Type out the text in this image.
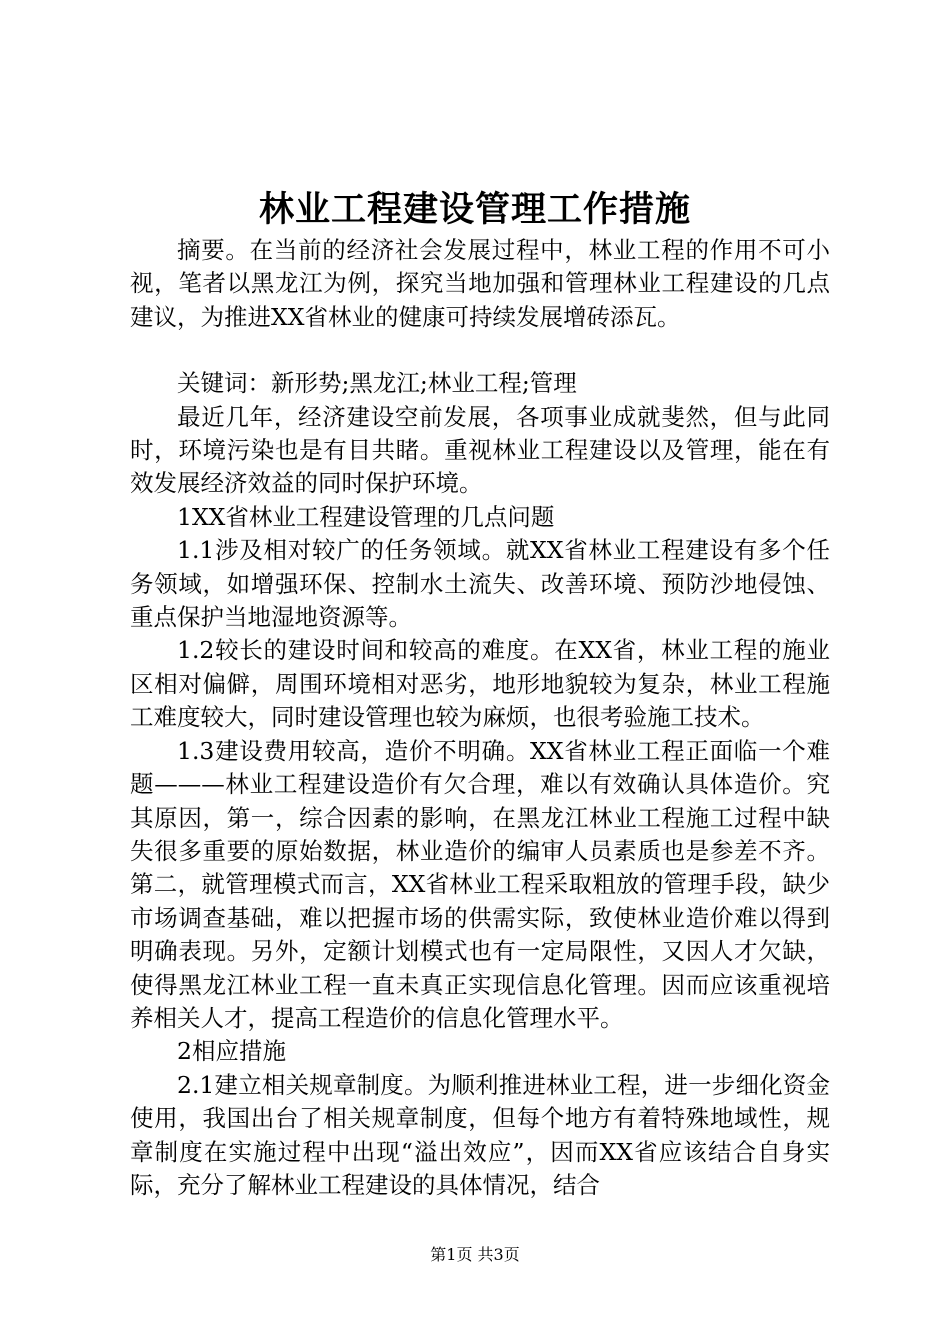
林业工程建设管理工作措施

摘要。在当前的经济社会发展过程中，林业工程的作用不可小视，笔者以黑龙江为例，探究当地加强和管理林业工程建设的几点建议，为推进XX省林业的健康可持续发展增砖添瓦。

关键词：新形势;黑龙江;林业工程;管理

最近几年，经济建设空前发展，各项事业成就斐然，但与此同时，环境污染也是有目共睹。重视林业工程建设以及管理，能在有效发展经济效益的同时保护环境。

1XX省林业工程建设管理的几点问题

1.1涉及相对较广的任务领域。就XX省林业工程建设有多个任务领域，如增强环保、控制水土流失、改善环境、预防沙地侵蚀、重点保护当地湿地资源等。

1.2较长的建设时间和较高的难度。在XX省，林业工程的施业区相对偏僻，周围环境相对恶劣，地形地貌较为复杂，林业工程施工难度较大，同时建设管理也较为麻烦，也很考验施工技术。

1.3建设费用较高，造价不明确。XX省林业工程正面临一个难题———林业工程建设造价有欠合理，难以有效确认具体造价。究其原因，第一，综合因素的影响，在黑龙江林业工程施工过程中缺失很多重要的原始数据，林业造价的编审人员素质也是参差不齐。第二，就管理模式而言，XX省林业工程采取粗放的管理手段，缺少市场调查基础，难以把握市场的供需实际，致使林业造价难以得到明确表现。另外，定额计划模式也有一定局限性，又因人才欠缺，使得黑龙江林业工程一直未真正实现信息化管理。因而应该重视培养相关人才，提高工程造价的信息化管理水平。

2相应措施

2.1建立相关规章制度。为顺利推进林业工程，进一步细化资金使用，我国出台了相关规章制度，但每个地方有着特殊地域性，规章制度在实施过程中出现“溢出效应”，因而XX省应该结合自身实际，充分了解林业工程建设的具体情况，结合

第1页 共3页
